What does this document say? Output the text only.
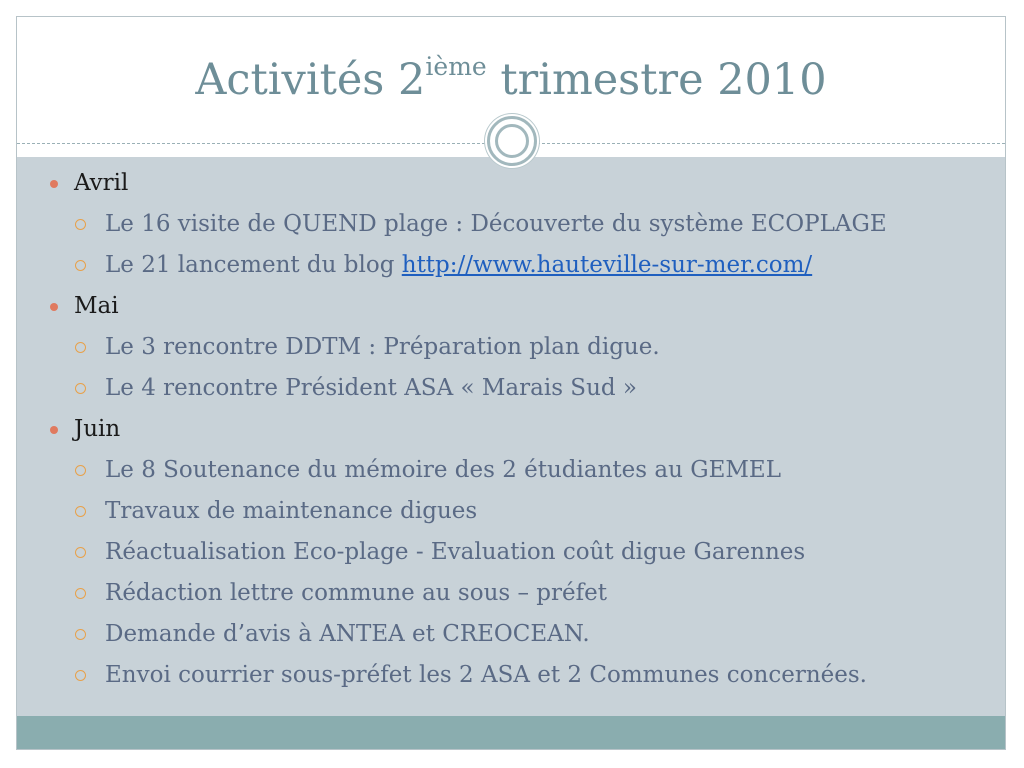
Activités 2ième trimestre 2010
Avril
Le 16 visite de QUEND plage : Découverte du système ECOPLAGE
Le 21 lancement du blog http://www.hauteville-sur-mer.com/
Mai
Le 3 rencontre DDTM : Préparation plan digue.
Le 4 rencontre Président ASA « Marais Sud »
Juin
Le 8 Soutenance du mémoire des 2 étudiantes au GEMEL
Travaux de maintenance digues
Réactualisation Eco-plage - Evaluation coût digue Garennes
Rédaction lettre commune au sous – préfet
Demande d’avis à ANTEA et CREOCEAN.
Envoi courrier sous-préfet les 2 ASA et 2 Communes concernées.
